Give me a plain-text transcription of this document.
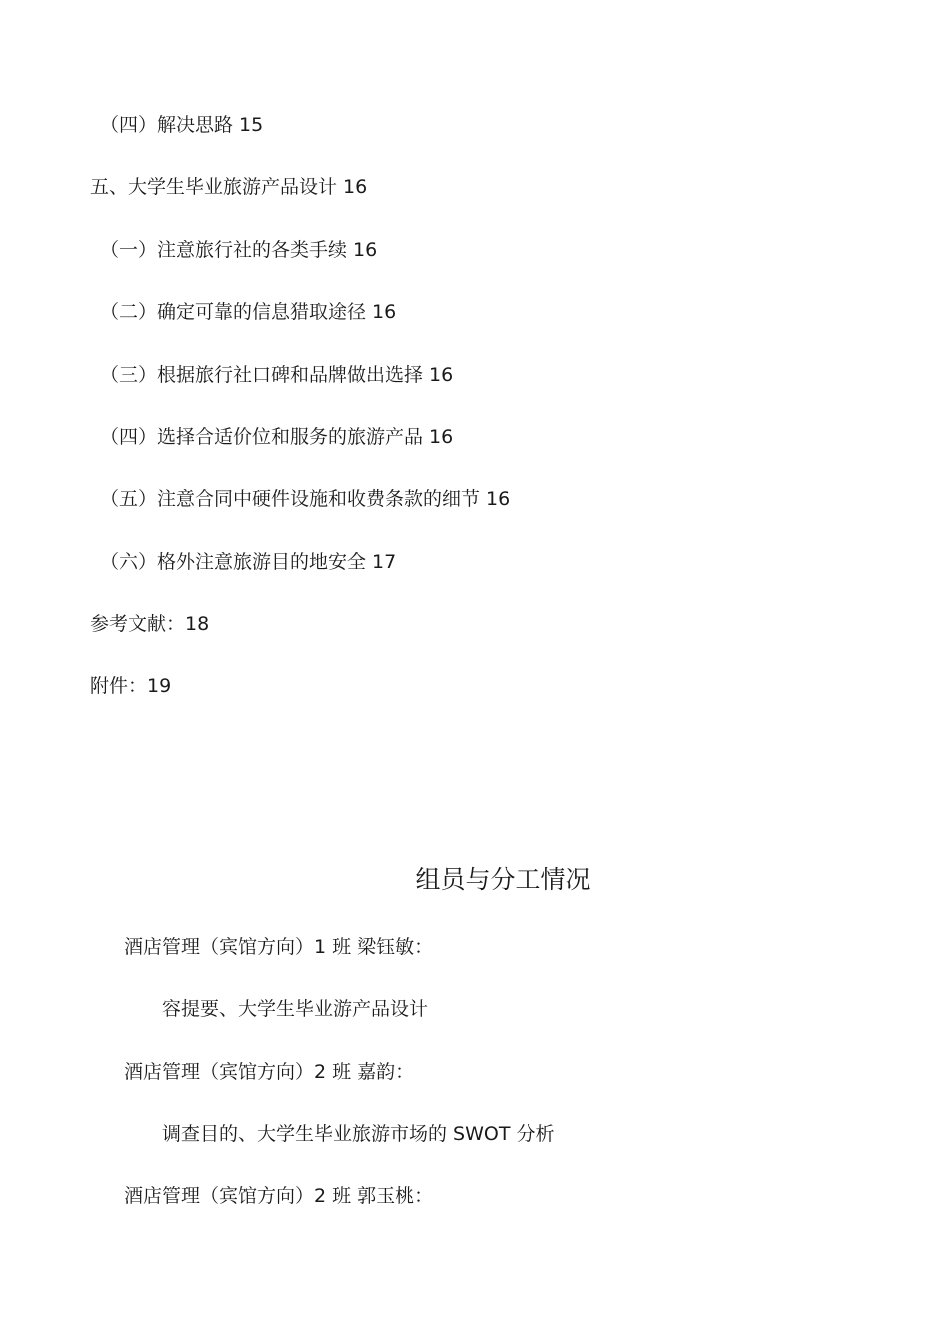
（四）解决思路 15
五、大学生毕业旅游产品设计 16
（一）注意旅行社的各类手续 16
（二）确定可靠的信息猎取途径 16
（三）根据旅行社口碑和品牌做出选择 16
（四）选择合适价位和服务的旅游产品 16
（五）注意合同中硬件设施和收费条款的细节 16
（六）格外注意旅游目的地安全 17
参考文献：18
附件：19
组员与分工情况
酒店管理（宾馆方向）1 班 梁钰敏：
容提要、大学生毕业游产品设计
酒店管理（宾馆方向）2 班 嘉韵：
调查目的、大学生毕业旅游市场的 SWOT 分析
酒店管理（宾馆方向）2 班 郭玉桃：
